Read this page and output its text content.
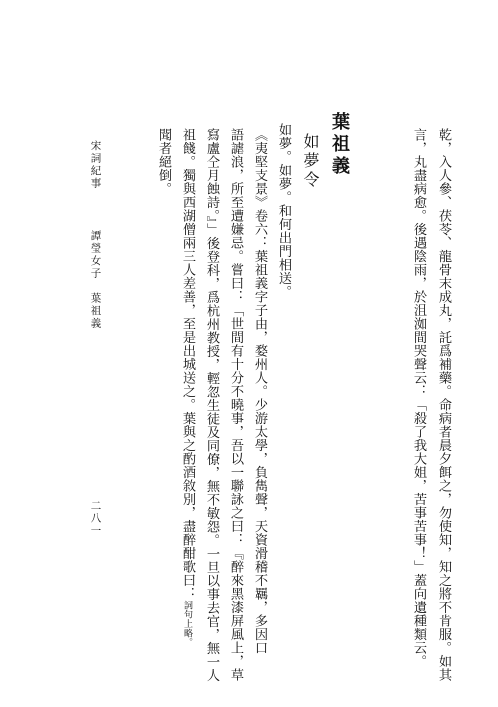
乾，入人參、茯苓、龍骨末成丸，託爲補藥。命病者晨夕餌之，勿使知，知之將不肯服。如其
言，丸盡病愈。後遇陰雨，於沮洳間哭聲云：「殺了我大姐，苦事苦事！」蓋向遺種類云。
葉祖義
如夢令
如夢。如夢。和何出門相送。
《夷堅支景》卷六：葉祖義字子由，婺州人。少游太學，負雋聲，天資滑稽不羈，多因口
語謔浪，所至遭嫌忌。嘗曰：「世間有十分不曉事，吾以一聯詠之曰：『醉來黑漆屏風上，草
寫盧仝月蝕詩。』」後登科，爲杭州教授，輕忽生徒及同僚，無不敏怨。一旦以事去官，無一人
祖餞。獨與西湖僧兩三人差善，至是出城送之。葉與之酌酒敘別，盡醉酣歌曰：詞句上略。
聞者絕倒。
宋詞紀事
譚瑩女子　葉祖義
二八一
